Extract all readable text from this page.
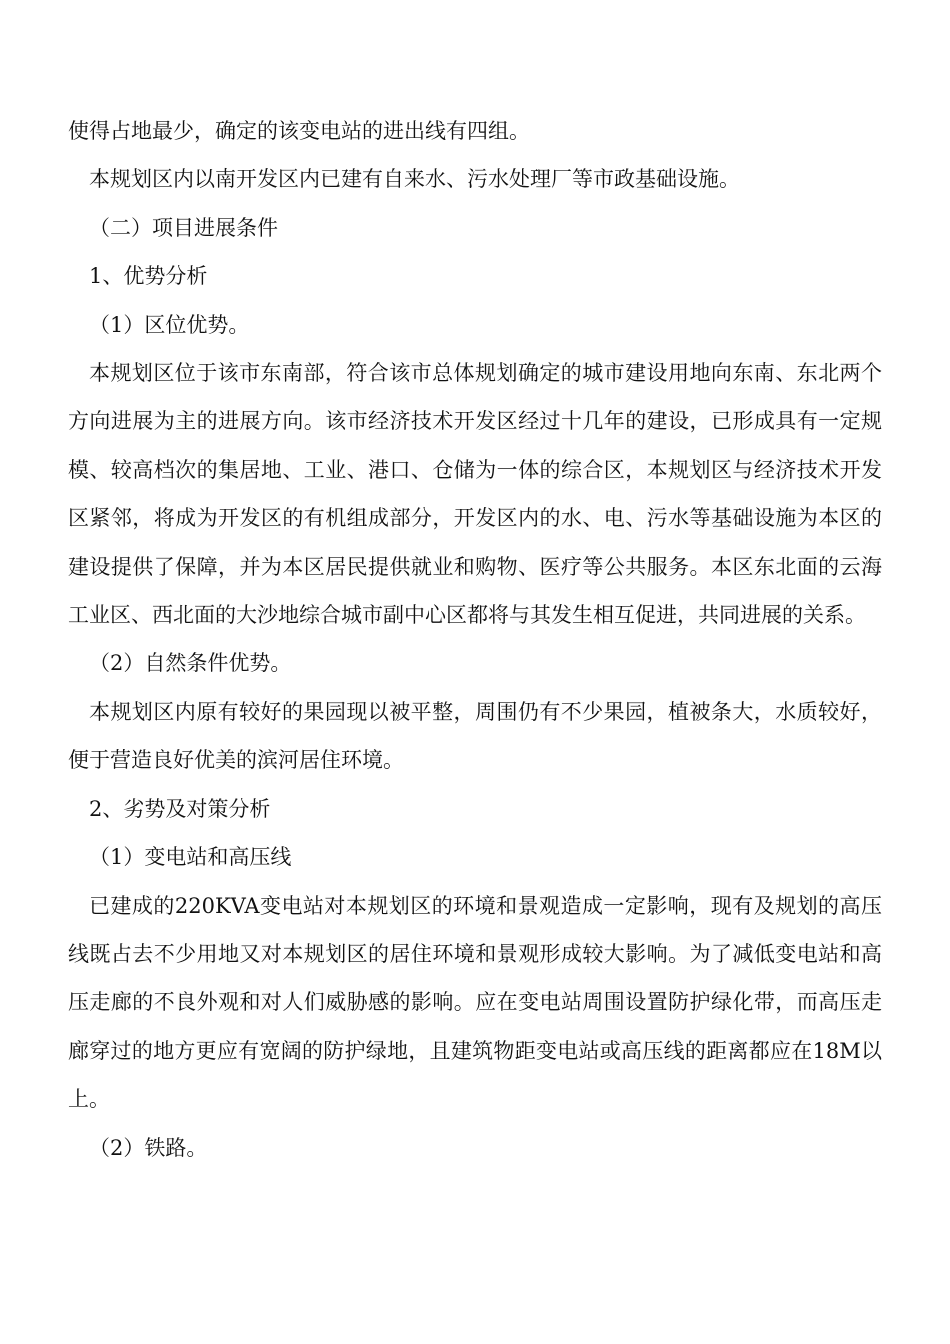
使得占地最少，确定的该变电站的进出线有四组。

本规划区内以南开发区内已建有自来水、污水处理厂等市政基础设施。

（二）项目进展条件

1、优势分析

（1）区位优势。

本规划区位于该市东南部，符合该市总体规划确定的城市建设用地向东南、东北两个方向进展为主的进展方向。该市经济技术开发区经过十几年的建设，已形成具有一定规模、较高档次的集居地、工业、港口、仓储为一体的综合区，本规划区与经济技术开发区紧邻，将成为开发区的有机组成部分，开发区内的水、电、污水等基础设施为本区的建设提供了保障，并为本区居民提供就业和购物、医疗等公共服务。本区东北面的云海工业区、西北面的大沙地综合城市副中心区都将与其发生相互促进，共同进展的关系。

（2）自然条件优势。

本规划区内原有较好的果园现以被平整，周围仍有不少果园，植被条大，水质较好，便于营造良好优美的滨河居住环境。

2、劣势及对策分析

（1）变电站和高压线

已建成的220KVA变电站对本规划区的环境和景观造成一定影响，现有及规划的高压线既占去不少用地又对本规划区的居住环境和景观形成较大影响。为了减低变电站和高压走廊的不良外观和对人们威胁感的影响。应在变电站周围设置防护绿化带，而高压走廊穿过的地方更应有宽阔的防护绿地，且建筑物距变电站或高压线的距离都应在18M以上。

（2）铁路。
